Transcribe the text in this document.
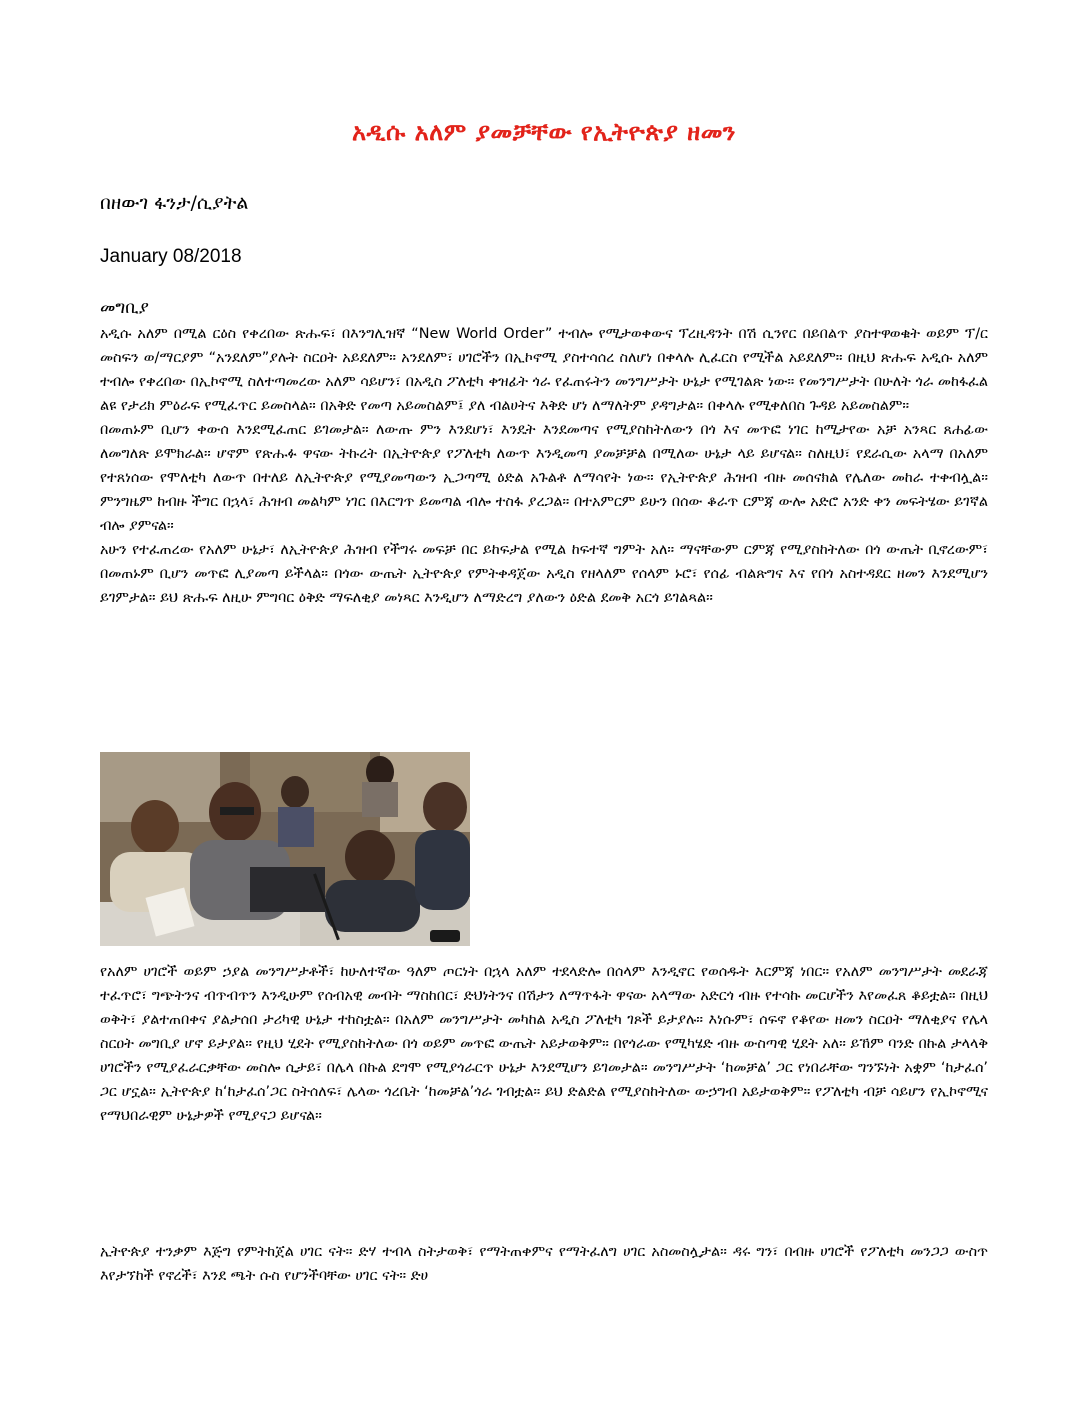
አዲሱ አለም ያመቻቸው የኢትዮጵያ ዘመን
በዘውገ ፋንታ/ሲያትል
January 08/2018
መግቢያ

አዲሱ አለም በሚል ርዕስ የቀረበው ጽሑፍ፣ በእንግሊዝኛ “New World Order” ተብሎ የሚታወቀውና ፕረዚዳንት በሽ ሲንየር በይበልጥ ያስተዋወቁት ወይም ፕ/ር መስፍን ወ/ማርያም “አንደለም”ያሉት ስርዐት አይደለም። አንደለም፣ ሀገሮችን በኢኮኖሚ ያስተሳሰረ ስለሆነ በቀላሉ ሊፈርስ የሚችል አይደለም። በዚህ ጽሑፍ አዲሱ አለም ተብሎ የቀረበው በኢኮኖሚ ስለተጣመረው አለም ሳይሆን፣ በአዲስ ፖለቲካ ቀዝፊት ጎራ የፈጠሩትን መንግሥታት ሁኔታ የሚገልጽ ነው። የመንግሥታት በሁለት ጎራ መከፋፈል ልዩ የታሪክ ምዕራፍ የሚፈጥር ይመስላል። በአቅድ የመጣ አይመስልም፤ ያለ ብልሀትና እቅድ ሆነ ለማለትም ያዳግታል። በቀላሉ የሚቀለበስ ጉዳይ አይመስልም።

በመጠኑም ቢሆን ቀውሰ እንደሚፈጠር ይገመታል። ለውጡ ምን እንደሆነ፣ እንዴት እንደመጣና የሚያስከትለውን በጎ እና መጥፎ ነገር ከሚታየው አቻ አንጻር ጸሐፊው ለመግለጽ ይሞክራል። ሆኖም የጽሑፉ ዋናው ትኩረት በኢትዮጵያ የፖለቲካ ለውጥ እንዲመጣ ያመቻቻል በሚለው ሁኔታ ላይ ይሆናል። ስለዚህ፣ የደራሲው አላማ በአለም የተጸነሰው የሞለቲካ ለውጥ በተለይ ለኢትዮጵያ የሚያመጣውን ኢጋጣሚ ዕድል አጉልቶ ለማሳየት ነው። የኢትዮጵያ ሕዝብ ብዙ መሰናክል የሌለው መከራ ተቀብሏል። ምንግዜም ከብዙ ችግር በኋላ፣ ሕዝብ መልካም ነገር በእርግጥ ይመጣል ብሎ ተስፋ ያረጋል። በተአምርም ይሁን በሰው ቆራጥ ርምጃ ውሎ አድሮ አንድ ቀን መፍትሄው ይገኛል ብሎ ያምናል።

አሁን የተፈጠረው የአለም ሁኔታ፣ ለኢትዮጵያ ሕዝብ የችግሩ መፍቻ በር ይከፍታል የሚል ከፍተኛ ግምት አለ። ማናቸውም ርምጃ የሚያስከትለው በጎ ውጤት ቢኖረውም፣ በመጠኑም ቢሆን መጥፎ ሊያመጣ ይችላል። በጎው ውጤት ኢትዮጵያ የምትቀዳጀው አዲስ የዘላለም የሰላም ኑሮ፣ የሰፊ ብልጽግና እና የበጎ አስተዳደር ዘመን እንደሚሆን ይገምታል። ይህ ጽሑፍ ለዚሁ ምግባር ዕቅድ ማፍለቂያ መነጻር እንዲሆን ለማድረግ ያለውን ዕድል ደመቅ አርጎ ይገልጻል።

የአለም ሀገሮች ወይም ኃያል መንግሥታቶች፣ ከሁለተኛው ዓለም ጦርነት በኋላ አለም ተደላድሎ በሰላም እንዲኖር የወሰዱት እርምጃ ነበር። የአለም መንግሥታት መደራጃ ተፈጥሮ፣ ግጭትንና ብጥብጥን እንዲሁም የሰብአዊ መብት ማስከበር፣ ድህነትንና በሽታን ለማጥፋት ዋናው አላማው አድርጎ ብዙ የተሳኩ መርሆችን እየመፈጸ ቆይቷል። በዚህ ወቅት፣ ያልተጠበቀና ያልታሰበ ታሪካዊ ሁኔታ ተከስቷል። በአለም መንግሥታት መካከል አዲስ ፖለቲካ ገጾች ይታያሉ። እነሱም፣ ሰፍኖ የቆየው ዘመን ስርዐት ማለቂያና የሌላ ስርዐት መግቢያ ሆኖ ይታያል። የዚህ ሂደት የሚያስከትለው በጎ ወይም መጥፎ ውጤት አይታወቅም። በየጎራው የሚካሄድ ብዙ ውስጣዊ ሂደት አለ። ይኸም ባንድ በኩል ታላላቅ ሀገሮችን የሚያፈራርቃቸው መስሎ ሲታይ፣ በሌላ በኩል ደግሞ የሚያጎራርጥ ሁኔታ እንደሚሆን ይገመታል። መንግሥታት ‘ከመቻል’ ጋር የነበራቸው ግንኙነት አቋም ‘ከታፈሰ’ ጋር ሆኗል። ኢትዮጵያ ከ‘ከታፈሰ’ጋር ስትሰለፍ፣ ሌላው ጎረቤት ‘ከመቻል’ጎራ ገብቷል። ይህ ድልድል የሚያስከትለው ውኃግብ አይታወቅም። የፖለቲካ ብቻ ሳይሆን የኢኮኖሚና የማህበራዊም ሁኔታዎች የሚያናጋ ይሆናል።

ኢትዮጵያ ተንቃም እጅግ የምትከጀል ሀገር ናት። ድሃ ተብላ ስትታወቅ፣ የማትጠቀምና የማትፈለግ ሀገር አስመስሏታል። ዳሩ ግን፣ በብዙ ሀገሮች የፖለቲካ መንጋጋ ውስጥ እየታኘከች የኖረች፣ እንደ ጫት ሱስ የሆንችባቸው ሀገር ናት። ድሀ
